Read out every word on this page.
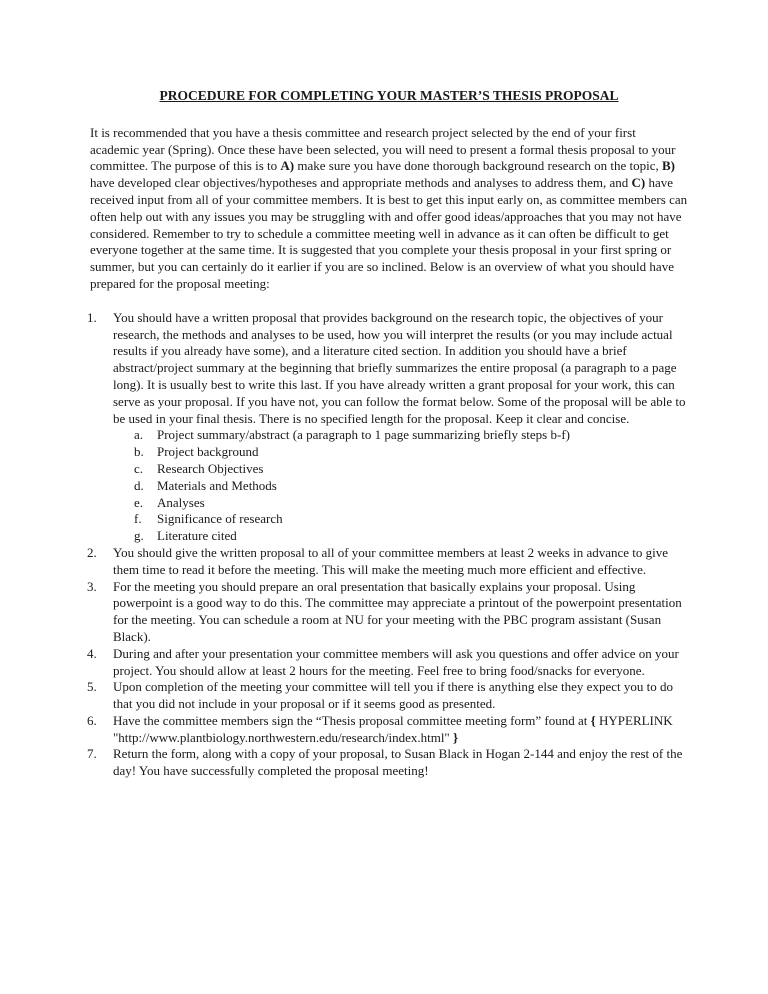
PROCEDURE FOR COMPLETING YOUR MASTER’S THESIS PROPOSAL

It is recommended that you have a thesis committee and research project selected by the end of your first academic year (Spring). Once these have been selected, you will need to present a formal thesis proposal to your committee. The purpose of this is to A) make sure you have done thorough background research on the topic, B) have developed clear objectives/hypotheses and appropriate methods and analyses to address them, and C) have received input from all of your committee members. It is best to get this input early on, as committee members can often help out with any issues you may be struggling with and offer good ideas/approaches that you may not have considered. Remember to try to schedule a committee meeting well in advance as it can often be difficult to get everyone together at the same time. It is suggested that you complete your thesis proposal in your first spring or summer, but you can certainly do it earlier if you are so inclined. Below is an overview of what you should have prepared for the proposal meeting:

1. You should have a written proposal that provides background on the research topic, the objectives of your research, the methods and analyses to be used, how you will interpret the results (or you may include actual results if you already have some), and a literature cited section. In addition you should have a brief abstract/project summary at the beginning that briefly summarizes the entire proposal (a paragraph to a page long). It is usually best to write this last. If you have already written a grant proposal for your work, this can serve as your proposal. If you have not, you can follow the format below. Some of the proposal will be able to be used in your final thesis. There is no specified length for the proposal. Keep it clear and concise.
a. Project summary/abstract (a paragraph to 1 page summarizing briefly steps b-f)
b. Project background
c. Research Objectives
d. Materials and Methods
e. Analyses
f. Significance of research
g. Literature cited
2. You should give the written proposal to all of your committee members at least 2 weeks in advance to give them time to read it before the meeting. This will make the meeting much more efficient and effective.
3. For the meeting you should prepare an oral presentation that basically explains your proposal. Using powerpoint is a good way to do this. The committee may appreciate a printout of the powerpoint presentation for the meeting. You can schedule a room at NU for your meeting with the PBC program assistant (Susan Black).
4. During and after your presentation your committee members will ask you questions and offer advice on your project. You should allow at least 2 hours for the meeting. Feel free to bring food/snacks for everyone.
5. Upon completion of the meeting your committee will tell you if there is anything else they expect you to do that you did not include in your proposal or if it seems good as presented.
6. Have the committee members sign the “Thesis proposal committee meeting form” found at { HYPERLINK "http://www.plantbiology.northwestern.edu/research/index.html" }
7. Return the form, along with a copy of your proposal, to Susan Black in Hogan 2-144 and enjoy the rest of the day! You have successfully completed the proposal meeting!
